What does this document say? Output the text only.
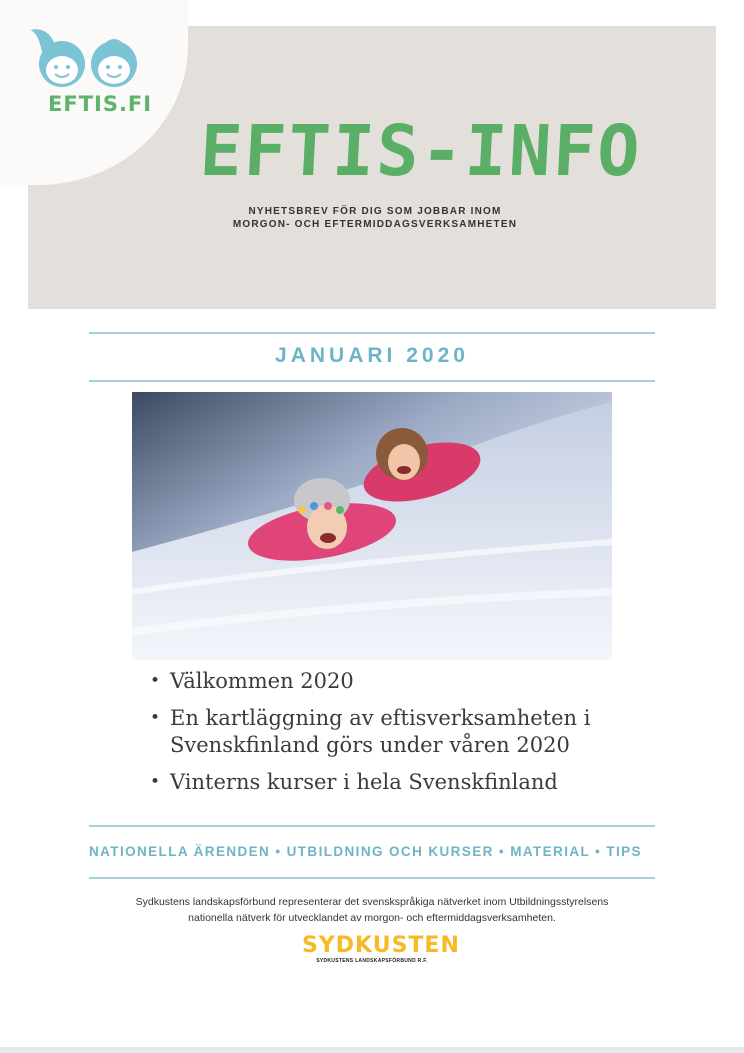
EFTIS.FI
EFTIS-INFO
NYHETSBREV FÖR DIG SOM JOBBAR INOM
MORGON- OCH EFTERMIDDAGSVERKSAMHETEN
JANUARI 2020
• Välkommen 2020
• En kartläggning av eftisverksamheten i
Svenskfinland görs under våren 2020
• Vinterns kurser i hela Svenskfinland
NATIONELLA ÄRENDEN • UTBILDNING OCH KURSER • MATERIAL • TIPS
Sydkustens landskapsförbund representerar det svenskspråkiga nätverket inom Utbildningsstyrelsens
nationella nätverk för utvecklandet av morgon- och eftermiddagsverksamheten.
SYDKUSTEN
SYDKUSTENS LANDSKAPSFÖRBUND R.F.
